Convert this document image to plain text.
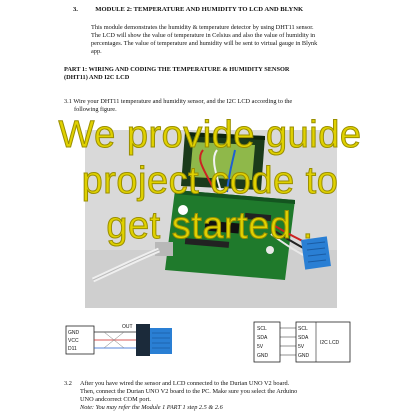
3.	MODULE 2: TEMPERATURE AND HUMIDITY TO LCD AND BLYNK
This module demonstrates the humidity & temperature detector by using DHT11 sensor.
The LCD will show the value of temperature in Celsius and also the value of humidity in
percentages. The value of temperature and humidity will be sent to virtual gauge in Blynk
app.
PART 1: WIRING AND CODING THE TEMPERATURE & HUMIDITY SENSOR
(DHT11) AND I2C LCD
3.1 Wire your DHT11 temperature and humidity sensor, and the I2C LCD according to the
following figure.
We provide guide
project code to
get started .
GND
VCC
D11
OUT	SCL
SDA
5V
GND
SCL
SDA
5V
GND
I2C LCD
3.2 After you have wired the sensor and LCD connected to the Durian UNO V2 board.
Then, connect the Durian UNO V2 board to the PC. Make sure you select the Arduino
UNO andcorrect COM port.
Note: You may refer the Module 1 PART 1 step 2.5 & 2.6
